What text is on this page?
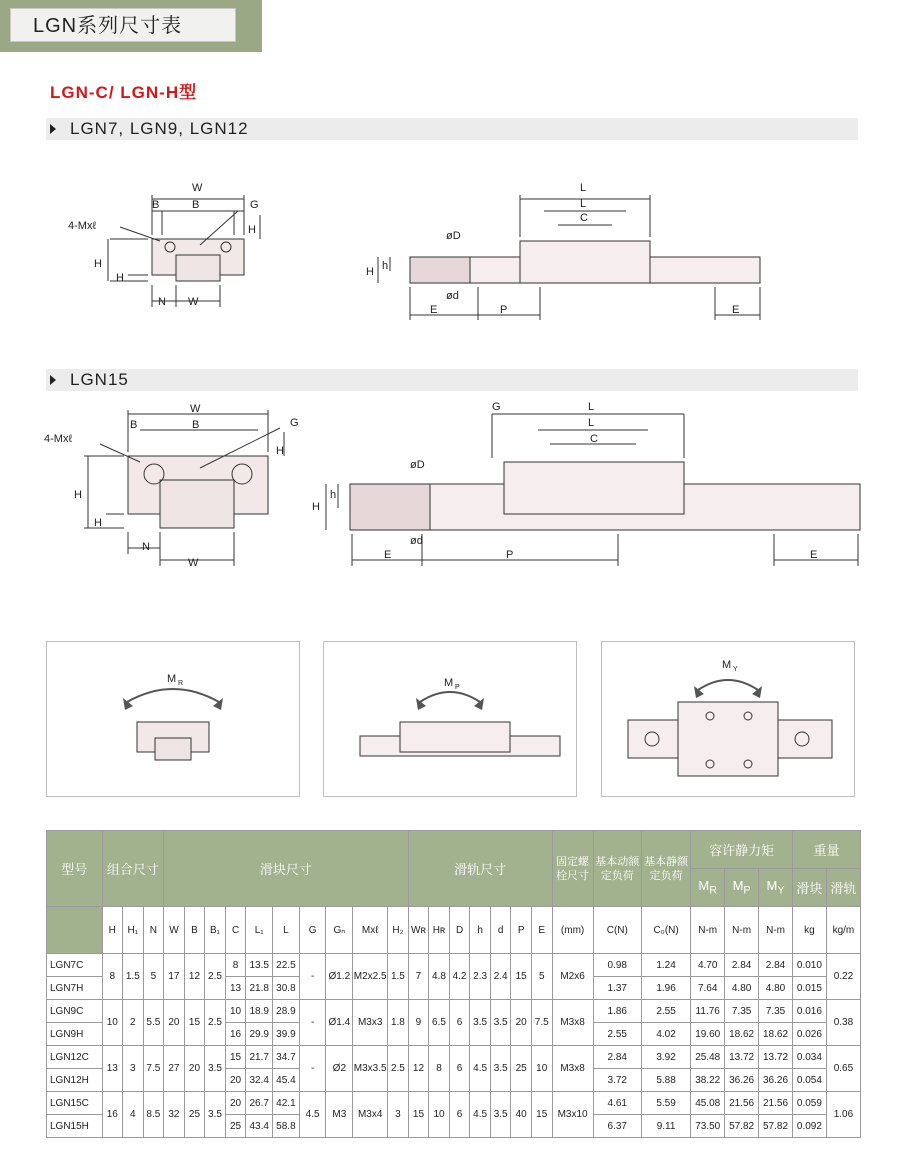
LGN系列尺寸表
LGN-C/ LGN-H型
LGN7, LGN9, LGN12
W
B	B	G
4-Mxℓ
H
H
H
N W
L
L
C
øD
ød
h
H
E	P	E
LGN15
W
B	B	G
4-Mxℓ
H
H
H
N
W
G	L
L
C
øD
ød
h
H
E	P	E
M R	M P
M Y
型号	组合尺寸			滑块尺寸										滑轨尺寸							固定螺栓尺寸	基本动额定负荷	基本静额定负荷	容许静力矩			重量	
																								$M_R$	$M_P$	$M_Y$	滑块	滑轨
	H	H₁	N	W	B	B₁	C	L₁	L	G	Gₙ	Mxℓ	H₂	Wʀ	Hʀ	D	h	d	P	E	(mm)	C(N)	C₀(N)	N-m	N-m	N-m	kg	kg/m
LGN7C	8	1.5	5	17	12	2.5	8	13.5	22.5	-	Ø1.2	M2x2.5	1.5	7	4.8	4.2	2.3	2.4	15	5	M2x6	0.98	1.24	4.70	2.84	2.84	0.010	0.22
LGN7H							13	21.8	30.8													1.37	1.96	7.64	4.80	4.80	0.015	
LGN9C	10	2	5.5	20	15	2.5	10	18.9	28.9	-	Ø1.4	M3x3	1.8	9	6.5	6	3.5	3.5	20	7.5	M3x8	1.86	2.55	11.76	7.35	7.35	0.016	0.38
LGN9H							16	29.9	39.9													2.55	4.02	19.60	18.62	18.62	0.026	
LGN12C	13	3	7.5	27	20	3.5	15	21.7	34.7	-	Ø2	M3x3.5	2.5	12	8	6	4.5	3.5	25	10	M3x8	2.84	3.92	25.48	13.72	13.72	0.034	0.65
LGN12H							20	32.4	45.4													3.72	5.88	38.22	36.26	36.26	0.054	
LGN15C	16	4	8.5	32	25	3.5	20	26.7	42.1	4.5	M3	M3x4	3	15	10	6	4.5	3.5	40	15	M3x10	4.61	5.59	45.08	21.56	21.56	0.059	1.06
LGN15H							25	43.4	58.8													6.37	9.11	73.50	57.82	57.82	0.092	
